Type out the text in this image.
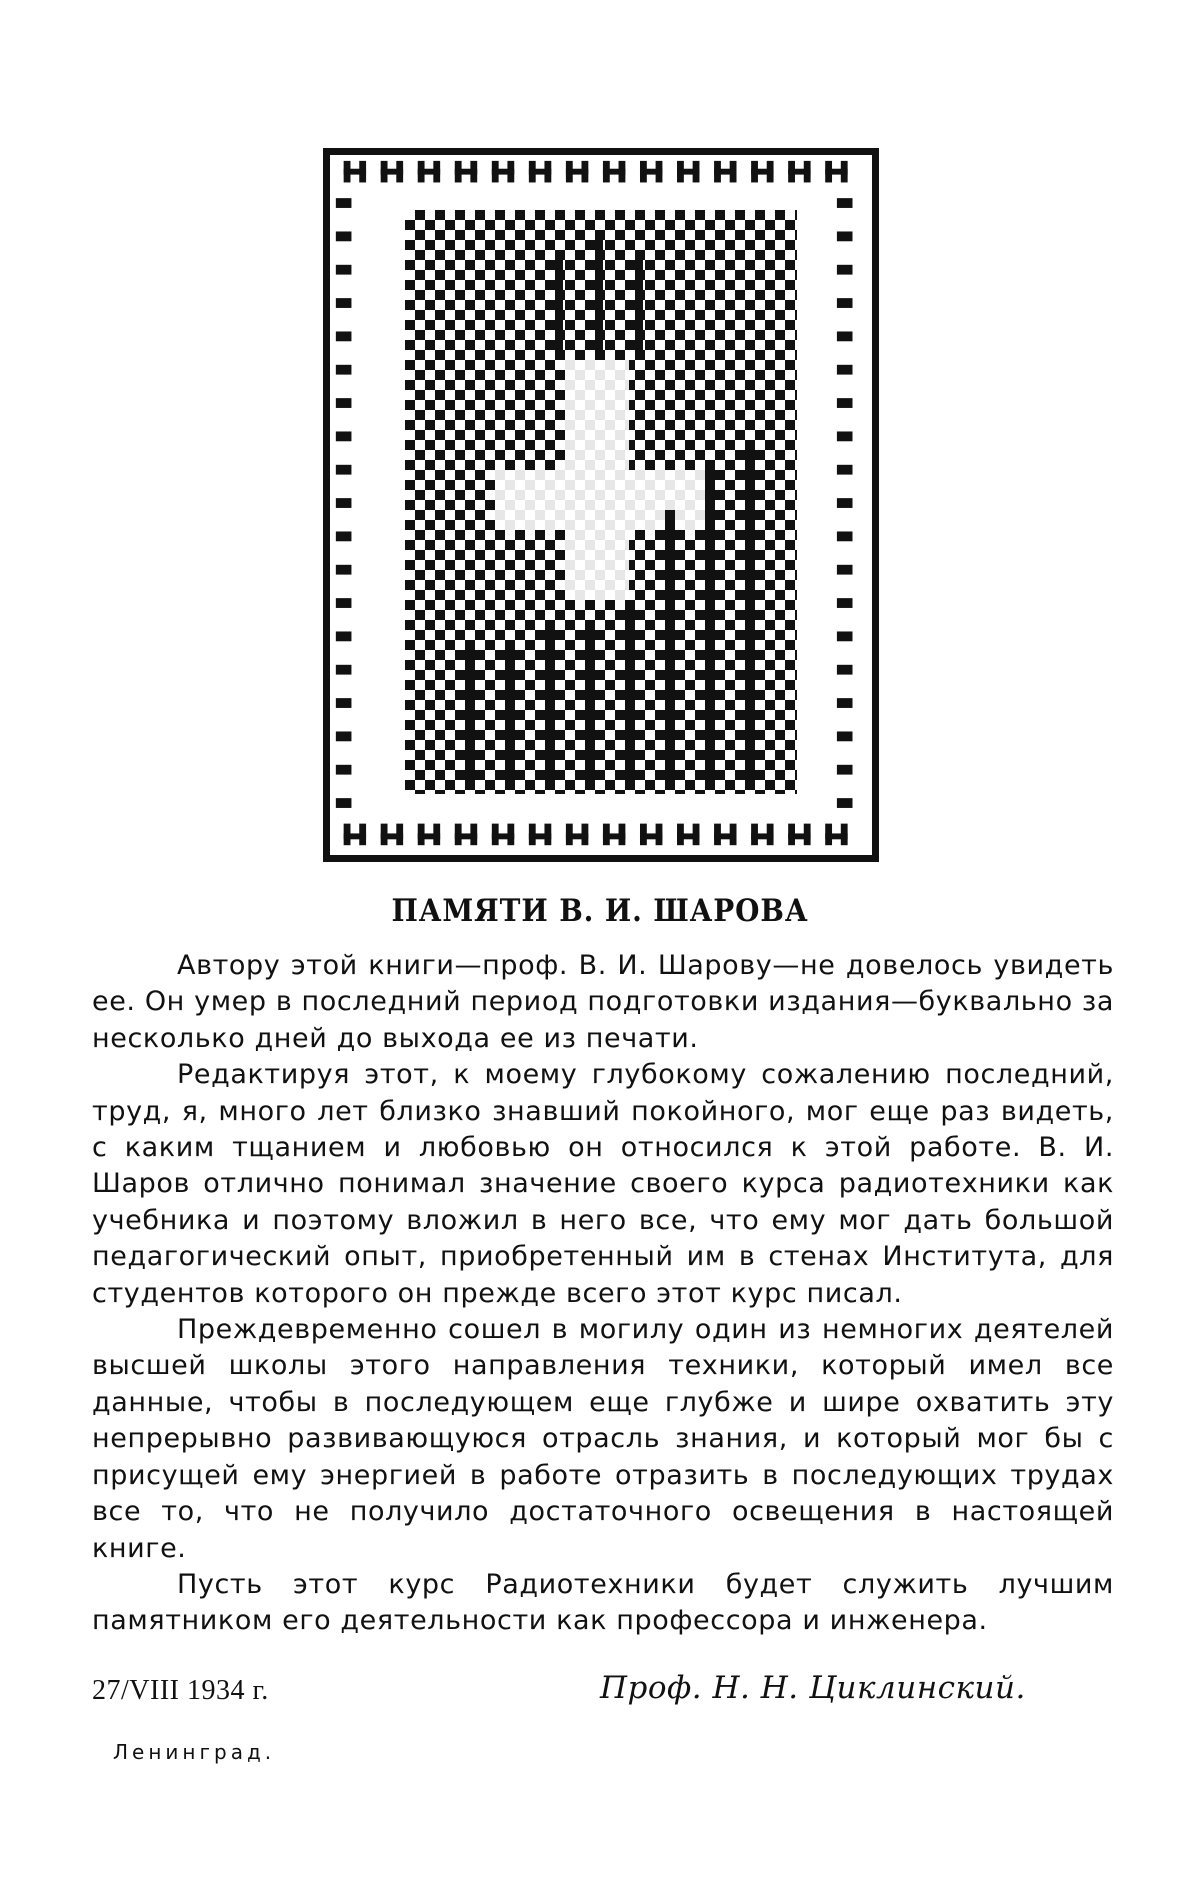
ПАМЯТИ В. И. ШАРОВА

Автору этой книги—проф. В. И. Шарову—не довелось увидеть ее. Он умер в последний период подготовки издания—буквально за несколько дней до выхода ее из печати.

Редактируя этот, к моему глубокому сожалению последний, труд, я, много лет близко знавший покойного, мог еще раз видеть, с каким тщанием и любовью он относился к этой работе. В. И. Шаров отлично понимал значение своего курса радиотехники как учебника и поэтому вложил в него все, что ему мог дать большой педагогический опыт, приобретенный им в стенах Института, для студентов которого он прежде всего этот курс писал.

Преждевременно сошел в могилу один из немногих деятелей высшей школы этого направления техники, который имел все данные, чтобы в последующем еще глубже и шире охватить эту непрерывно развивающуюся отрасль знания, и который мог бы с присущей ему энергией в работе отразить в последующих трудах все то, что не получило достаточного освещения в настоящей книге.

Пусть этот курс Радиотехники будет служить лучшим памятником его деятельности как профессора и инженера.

27/VIII 1934 г.	Проф. Н. Н. Циклинский.
Ленинград.
